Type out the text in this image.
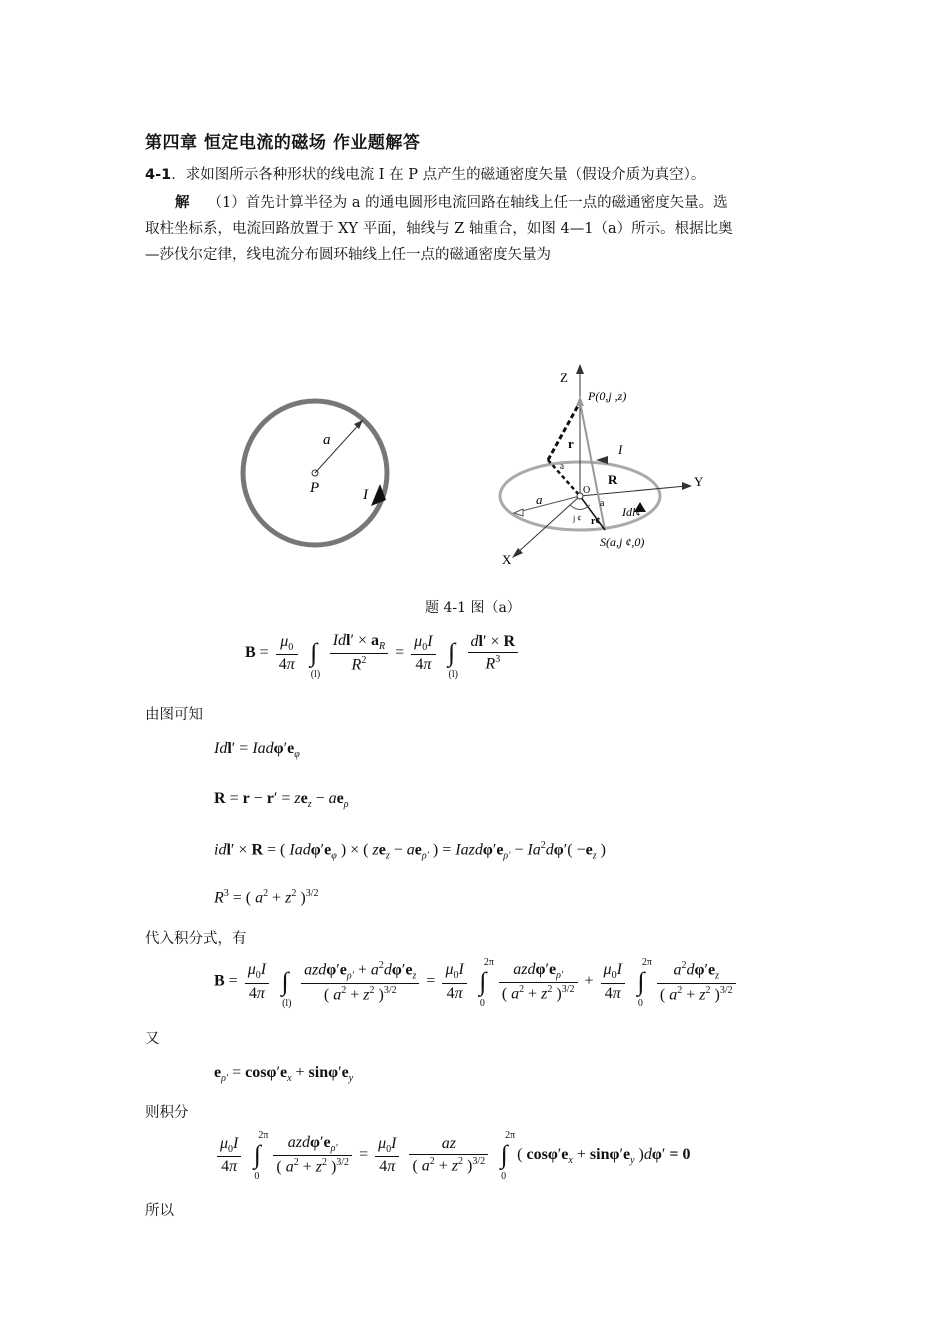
第四章 恒定电流的磁场 作业题解答
4-1．求如图所示各种形状的线电流 I 在 P 点产生的磁通密度矢量（假设介质为真空）。
解 （1）首先计算半径为 a 的通电圆形电流回路在轴线上任一点的磁通密度矢量。选
取柱坐标系，电流回路放置于 XY 平面，轴线与 Z 轴重合，如图 4—1（a）所示。根据比奥
—莎伐尔定律，线电流分布圆环轴线上任一点的磁通密度矢量为
a
P	I
Z
Y
X
P(0,j ,z)
r	I
a
O
R
a	a
j ¢ r¢
Idl¢
S(a,j ¢,0)
题 4-1 图（a）
$B = \frac{\mu_0}{4\pi}$ ∫
(l)

$\frac{Idl' \times a_R}{R^2} = \frac{\mu_0I}{4\pi}$ ∫
(l)

$\frac{dl' \times R}{R^3}$
由图可知
$Idl' = Iad\varphi'e_\varphi$
$R = r - r' = ze_z - ae_\rho$
idl′ × R = ( $Iad\varphi'e_\varphi$ ) × ( $ze_z - ae_{\rho'}$ ) = $Iazd\varphi'e_{\rho'} - Ia^2d\varphi'( -e_z$ )
$R^3$ = ( $a^2 + z^2$ )$^{3/2}$
代入积分式，有
$B = \frac{\mu_0I}{4\pi}$ ∫
(l)
$\frac{azd\varphi'e_{\rho'} + a^2d\varphi'e_z}{( a^2 + z^2 )^{3/2}} = \frac{\mu_0I}{4\pi}$ ∫
2π
0

$\frac{azd\varphi'e_{\rho'}}{( a^2 + z^2 )^{3/2}} + \frac{\mu_0I}{4\pi}$ ∫
2π
0
$\frac{a^2d\varphi'e_z}{( a^2 + z^2 )^{3/2}}$
又
$e_{\rho'} = \cos\varphi'e_x + \sin\varphi'e_y$
则积分
$\frac{\mu_0I}{4\pi}$ ∫
2π
0

$\frac{azd\varphi'e_{\rho'}}{( a^2 + z^2 )^{3/2}} = \frac{\mu_0I}{4\pi}$
$\frac{az}{( a^2 + z^2 )^{3/2}}$ ∫
2π
0
( $\cos\varphi'e_x + \sin\varphi'e_y$ )dφ′ = 0
所以
